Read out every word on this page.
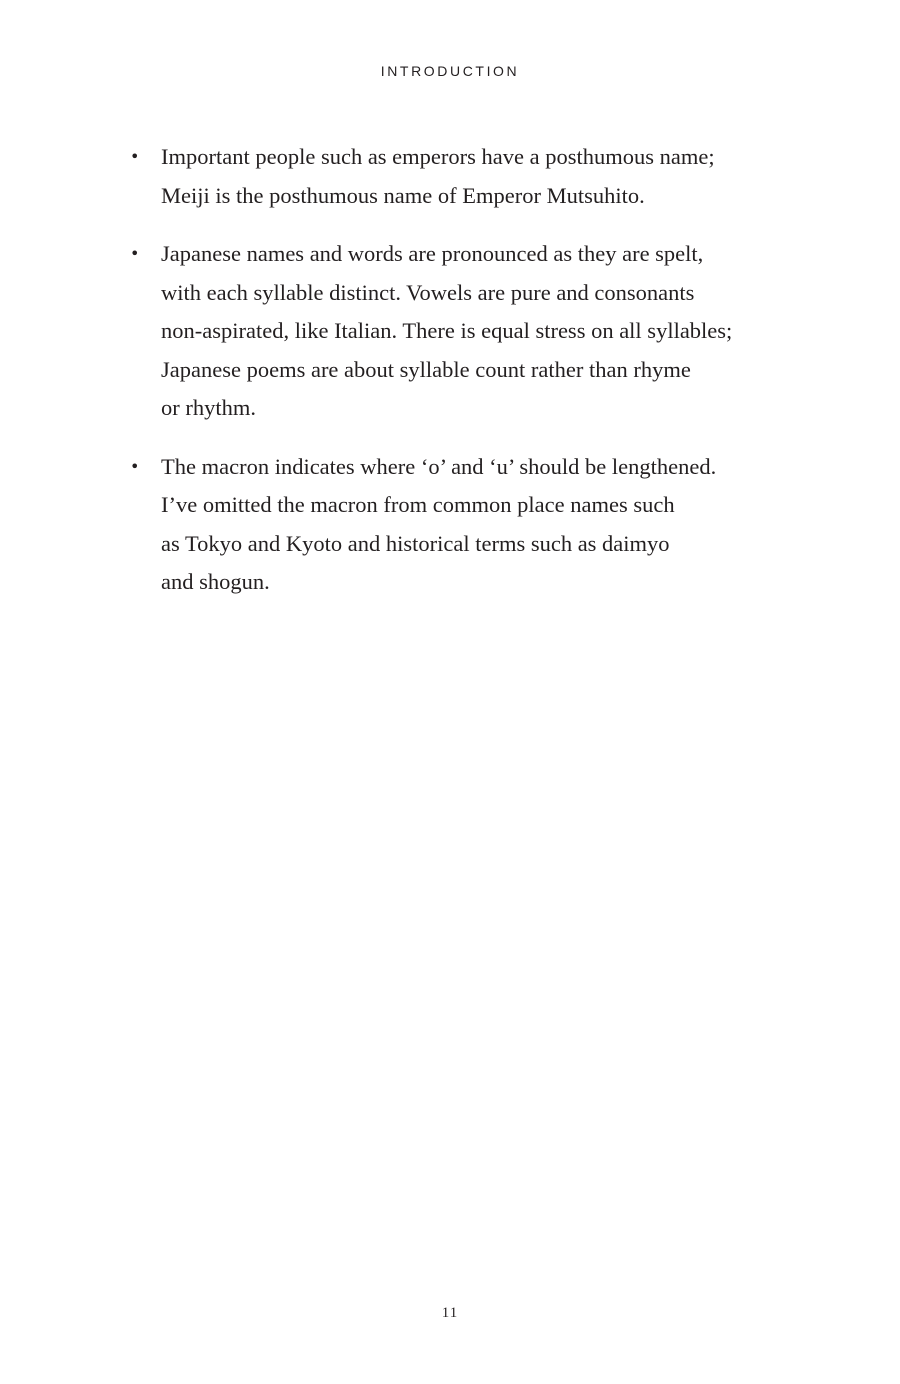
INTRODUCTION
• Important people such as emperors have a posthumous name;
Meiji is the posthumous name of Emperor Mutsuhito.
• Japanese names and words are pronounced as they are spelt,
with each syllable distinct. Vowels are pure and consonants
non-aspirated, like Italian. There is equal stress on all syllables;
Japanese poems are about syllable count rather than rhyme
or rhythm.
• The macron indicates where ‘o’ and ‘u’ should be lengthened.
I’ve omitted the macron from common place names such
as Tokyo and Kyoto and historical terms such as daimyo
and shogun.
11
